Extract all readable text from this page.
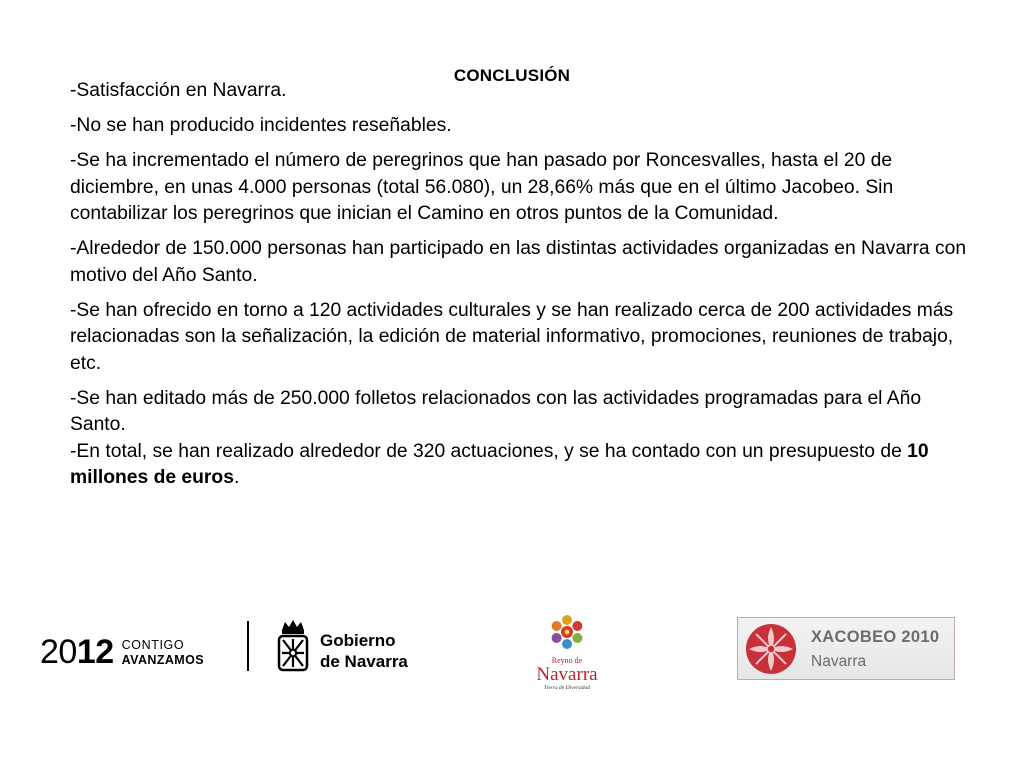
CONCLUSIÓN

-Satisfacción en Navarra.

-No se han producido incidentes reseñables.

-Se ha incrementado el número de peregrinos que han pasado por Roncesvalles, hasta el 20 de diciembre, en unas 4.000 personas (total 56.080), un 28,66% más que en el último Jacobeo. Sin contabilizar los peregrinos que inician el Camino en otros puntos de la Comunidad.

-Alrededor de 150.000 personas han participado en las distintas actividades organizadas en Navarra con motivo del Año Santo.

-Se han ofrecido en torno a 120 actividades culturales y se han realizado cerca de 200 actividades más relacionadas son la señalización, la edición de material informativo, promociones, reuniones de trabajo, etc.

-Se han editado más de 250.000 folletos relacionados con las actividades programadas para el Año Santo.

-En total, se han realizado alrededor de 320 actuaciones, y se ha contado con un presupuesto de 10 millones de euros.

20 12 CONTIGO
AVANZAMOS
Gobierno
de Navarra	Reyno de
Navarra
Tierra de Diversidad
XACOBEO 2010
Navarra
